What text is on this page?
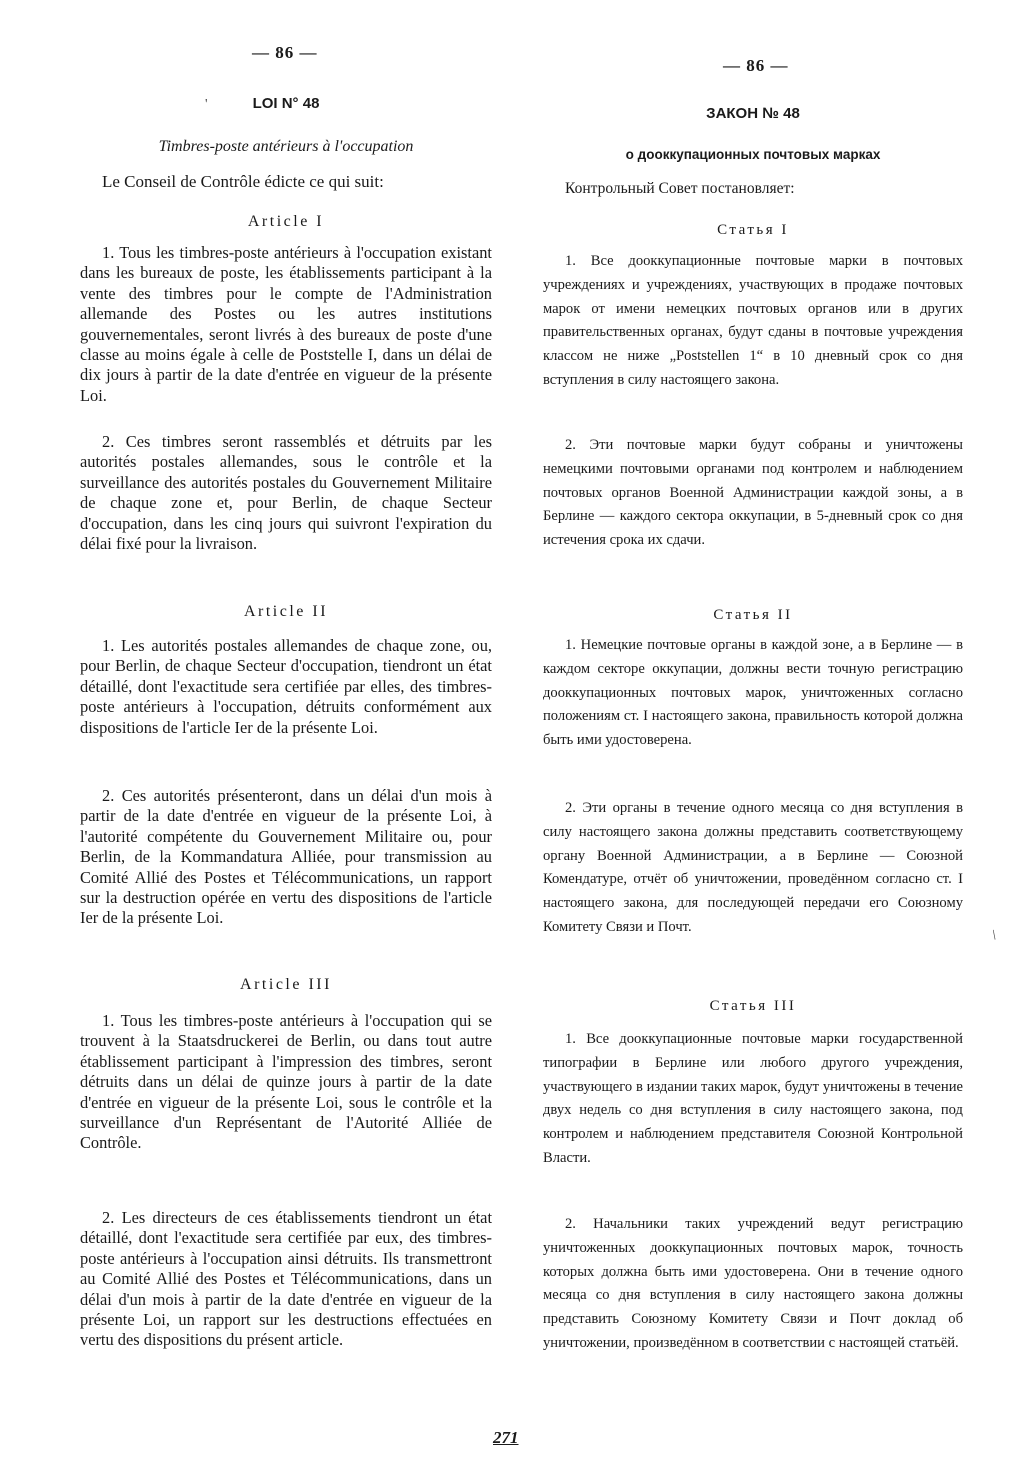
— 86 —
LOI N° 48
Timbres-poste antérieurs à l'occupation
Le Conseil de Contrôle édicte ce qui suit:
Article I
1. Tous les timbres-poste antérieurs à l'occupation existant dans les bureaux de poste, les établissements participant à la vente des timbres pour le compte de l'Administration allemande des Postes ou les autres institutions gouvernementales, seront livrés à des bureaux de poste d'une classe au moins égale à celle de Poststelle I, dans un délai de dix jours à partir de la date d'entrée en vigueur de la présente Loi.
2. Ces timbres seront rassemblés et détruits par les autorités postales allemandes, sous le contrôle et la surveillance des autorités postales du Gouvernement Militaire de chaque zone et, pour Berlin, de chaque Secteur d'occupation, dans les cinq jours qui suivront l'expiration du délai fixé pour la livraison.
Article II
1. Les autorités postales allemandes de chaque zone, ou, pour Berlin, de chaque Secteur d'occupation, tiendront un état détaillé, dont l'exactitude sera certifiée par elles, des timbres-poste antérieurs à l'occupation, détruits conformément aux dispositions de l'article Ier de la présente Loi.
2. Ces autorités présenteront, dans un délai d'un mois à partir de la date d'entrée en vigueur de la présente Loi, à l'autorité compétente du Gouvernement Militaire ou, pour Berlin, de la Kommandatura Alliée, pour transmission au Comité Allié des Postes et Télécommunications, un rapport sur la destruction opérée en vertu des dispositions de l'article Ier de la présente Loi.
Article III
1. Tous les timbres-poste antérieurs à l'occupation qui se trouvent à la Staatsdruckerei de Berlin, ou dans tout autre établissement participant à l'impression des timbres, seront détruits dans un délai de quinze jours à partir de la date d'entrée en vigueur de la présente Loi, sous le contrôle et la surveillance d'un Représentant de l'Autorité Alliée de Contrôle.
2. Les directeurs de ces établissements tiendront un état détaillé, dont l'exactitude sera certifiée par eux, des timbres-poste antérieurs à l'occupation ainsi détruits. Ils transmettront au Comité Allié des Postes et Télécommunications, dans un délai d'un mois à partir de la date d'entrée en vigueur de la présente Loi, un rapport sur les destructions effectuées en vertu des dispositions du présent article.
— 86 —
ЗАКОН № 48
о дооккупационных почтовых марках
Контрольный Совет постановляет:
Статья I
1. Все дооккупационные почтовые марки в почтовых учреждениях и учреждениях, участвующих в продаже почтовых марок от имени немецких почтовых органов или в других правительственных органах, будут сданы в почтовые учреждения классом не ниже „Poststellen 1“ в 10 дневный срок со дня вступления в силу настоящего закона.
2. Эти почтовые марки будут собраны и уничтожены немецкими почтовыми органами под контролем и наблюдением почтовых органов Военной Администрации каждой зоны, а в Берлине — каждого сектора оккупации, в 5-дневный срок со дня истечения срока их сдачи.
Статья II
1. Немецкие почтовые органы в каждой зоне, а в Берлине — в каждом секторе оккупации, должны вести точную регистрацию дооккупационных почтовых марок, уничтоженных согласно положениям ст. I настоящего закона, правильность которой должна быть ими удостоверена.
2. Эти органы в течение одного месяца со дня вступления в силу настоящего закона должны представить соответствующему органу Военной Администрации, а в Берлине — Союзной Комендатуре, отчёт об уничтожении, проведённом согласно ст. I настоящего закона, для последующей передачи его Союзному Комитету Связи и Почт.
Статья III
1. Все дооккупационные почтовые марки государственной типографии в Берлине или любого другого учреждения, участвующего в издании таких марок, будут уничтожены в течение двух недель со дня вступления в силу настоящего закона, под контролем и наблюдением представителя Союзной Контрольной Власти.
2. Начальники таких учреждений ведут регистрацию уничтоженных дооккупационных почтовых марок, точность которых должна быть ими удостоверена. Они в течение одного месяца со дня вступления в силу настоящего закона должны представить Союзному Комитету Связи и Почт доклад об уничтожении, произведённом в соответствии с настоящей статьёй.
271
'
/
